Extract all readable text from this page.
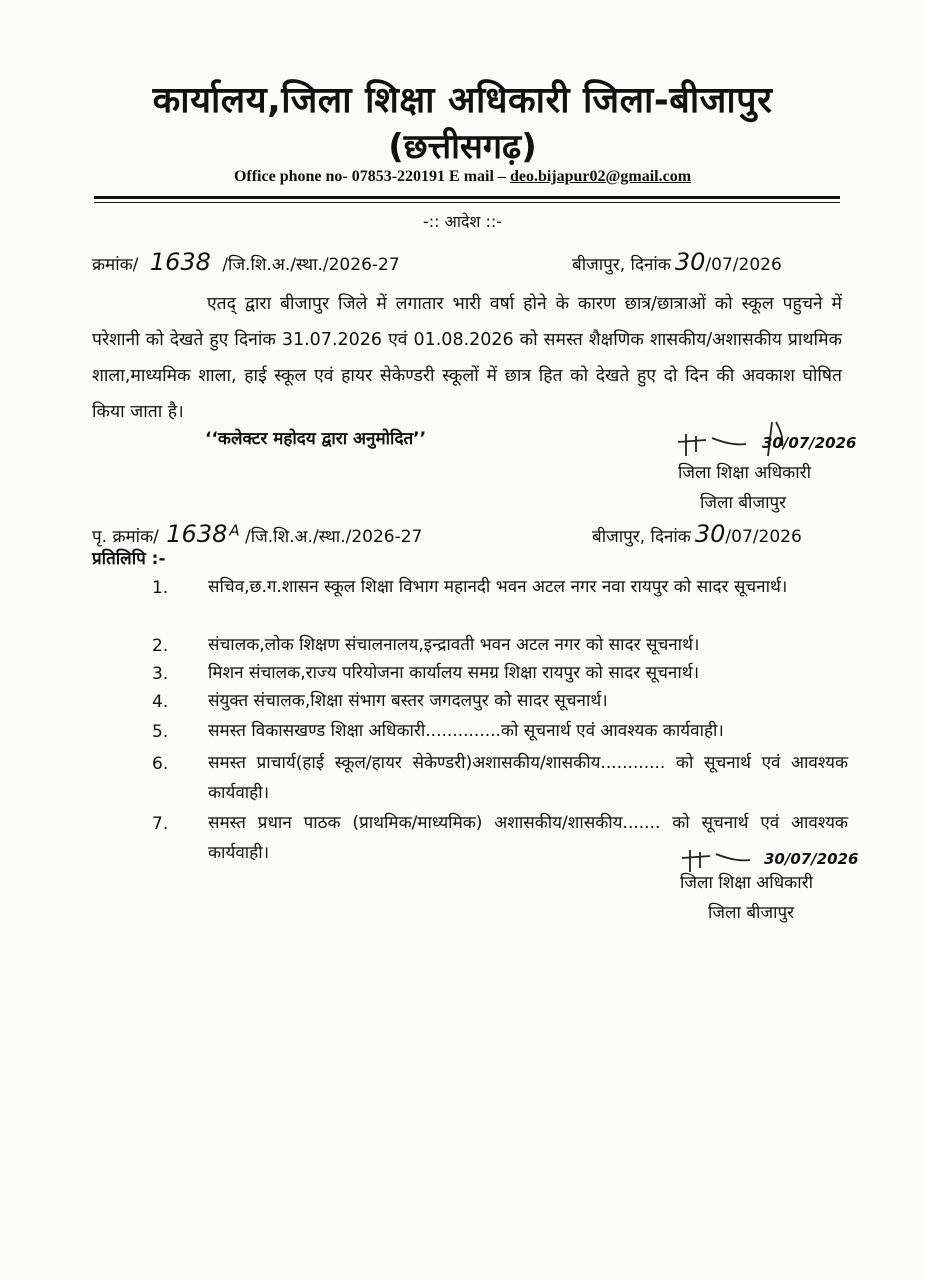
कार्यालय,जिला शिक्षा अधिकारी जिला-बीजापुर
(छत्तीसगढ़)
Office phone no- 07853-220191 E mail – deo.bijapur02@gmail.com
-:: आदेश ::-
क्रमांक/ 1638 /जि.शि.अ./स्था./2026-27	बीजापुर, दिनांक 30/07/2026

एतद् द्वारा बीजापुर जिले में लगातार भारी वर्षा होने के कारण छात्र/छात्राओं को स्कूल पहुचने में परेशानी को देखते हुए दिनांक 31.07.2026 एवं 01.08.2026 को समस्त शैक्षणिक शासकीय/अशासकीय प्राथमिक शाला,माध्यमिक शाला, हाई स्कूल एवं हायर सेकेण्डरी स्कूलों में छात्र हित को देखते हुए दो दिन की अवकाश घोषित किया जाता है।

‘‘कलेक्टर महोदय द्वारा अनुमोदित’’	30/07/2026
जिला शिक्षा अधिकारी
जिला बीजापुर
पृ. क्रमांक/ 1638 $^A$ /जि.शि.अ./स्था./2026-27	बीजापुर, दिनांक 30/07/2026
प्रतिलिपि :-
1. सचिव,छ.ग.शासन स्कूल शिक्षा विभाग महानदी भवन अटल नगर नवा रायपुर को सादर सूचनार्थ।
2. संचालक,लोक शिक्षण संचालनालय,इन्द्रावती भवन अटल नगर को सादर सूचनार्थ।
3. मिशन संचालक,राज्य परियोजना कार्यालय समग्र शिक्षा रायपुर को सादर सूचनार्थ।
4. संयुक्त संचालक,शिक्षा संभाग बस्तर जगदलपुर को सादर सूचनार्थ।
5. समस्त विकासखण्ड शिक्षा अधिकारी..............को सूचनार्थ एवं आवश्यक कार्यवाही।
6. समस्त प्राचार्य(हाई स्कूल/हायर सेकेण्डरी)अशासकीय/शासकीय............ को सूचनार्थ एवं आवश्यक कार्यवाही।
7. समस्त प्रधान पाठक (प्राथमिक/माध्यमिक) अशासकीय/शासकीय....... को सूचनार्थ एवं आवश्यक कार्यवाही।	30/07/2026
जिला शिक्षा अधिकारी
जिला बीजापुर
